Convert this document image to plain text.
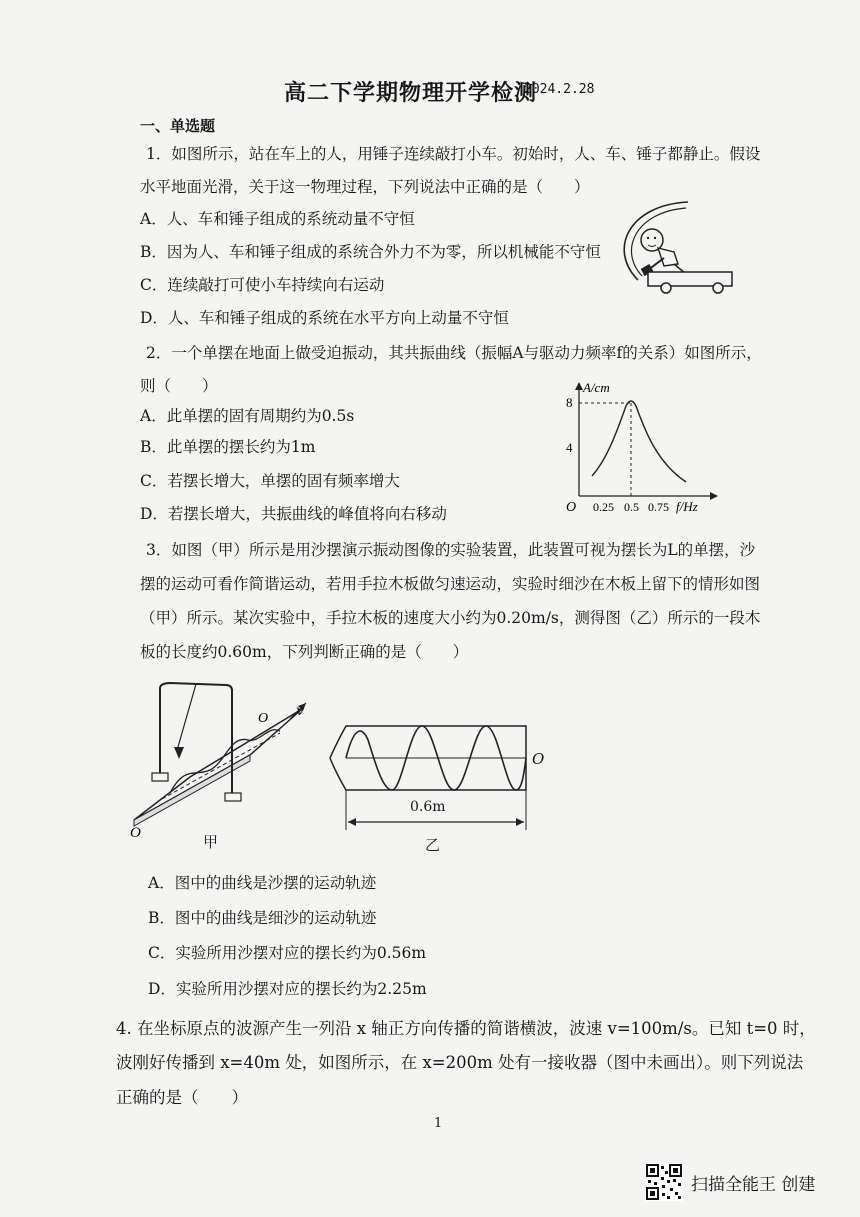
高二下学期物理开学检测
2024.2.28
一、单选题
1．如图所示，站在车上的人，用锤子连续敲打小车。初始时，人、车、锤子都静止。假设
水平地面光滑，关于这一物理过程，下列说法中正确的是（　　）
A．人、车和锤子组成的系统动量不守恒
B．因为人、车和锤子组成的系统合外力不为零，所以机械能不守恒
C．连续敲打可使小车持续向右运动
D．人、车和锤子组成的系统在水平方向上动量不守恒
2．一个单摆在地面上做受迫振动，其共振曲线（振幅A与驱动力频率f的关系）如图所示，
则（　　）
A．此单摆的固有周期约为0.5s
B．此单摆的摆长约为1m
C．若摆长增大，单摆的固有频率增大
D．若摆长增大，共振曲线的峰值将向右移动
A/cm
f/Hz
O
8
4
0.25 0.5 0.75
3．如图（甲）所示是用沙摆演示振动图像的实验装置，此装置可视为摆长为L的单摆，沙
摆的运动可看作简谐运动，若用手拉木板做匀速运动，实验时细沙在木板上留下的情形如图
（甲）所示。某次实验中，手拉木板的速度大小约为0.20m/s，测得图（乙）所示的一段木
板的长度约0.60m，下列判断正确的是（　　）
O
O
v
甲
0.6m
O
乙
A．图中的曲线是沙摆的运动轨迹
B．图中的曲线是细沙的运动轨迹
C．实验所用沙摆对应的摆长约为0.56m
D．实验所用沙摆对应的摆长约为2.25m
4. 在坐标原点的波源产生一列沿 x 轴正方向传播的简谐横波，波速 v=100m/s。已知 t=0 时，
波刚好传播到 x=40m 处，如图所示，在 x=200m 处有一接收器（图中未画出）。则下列说法
正确的是（　　）
1
扫描全能王 创建
